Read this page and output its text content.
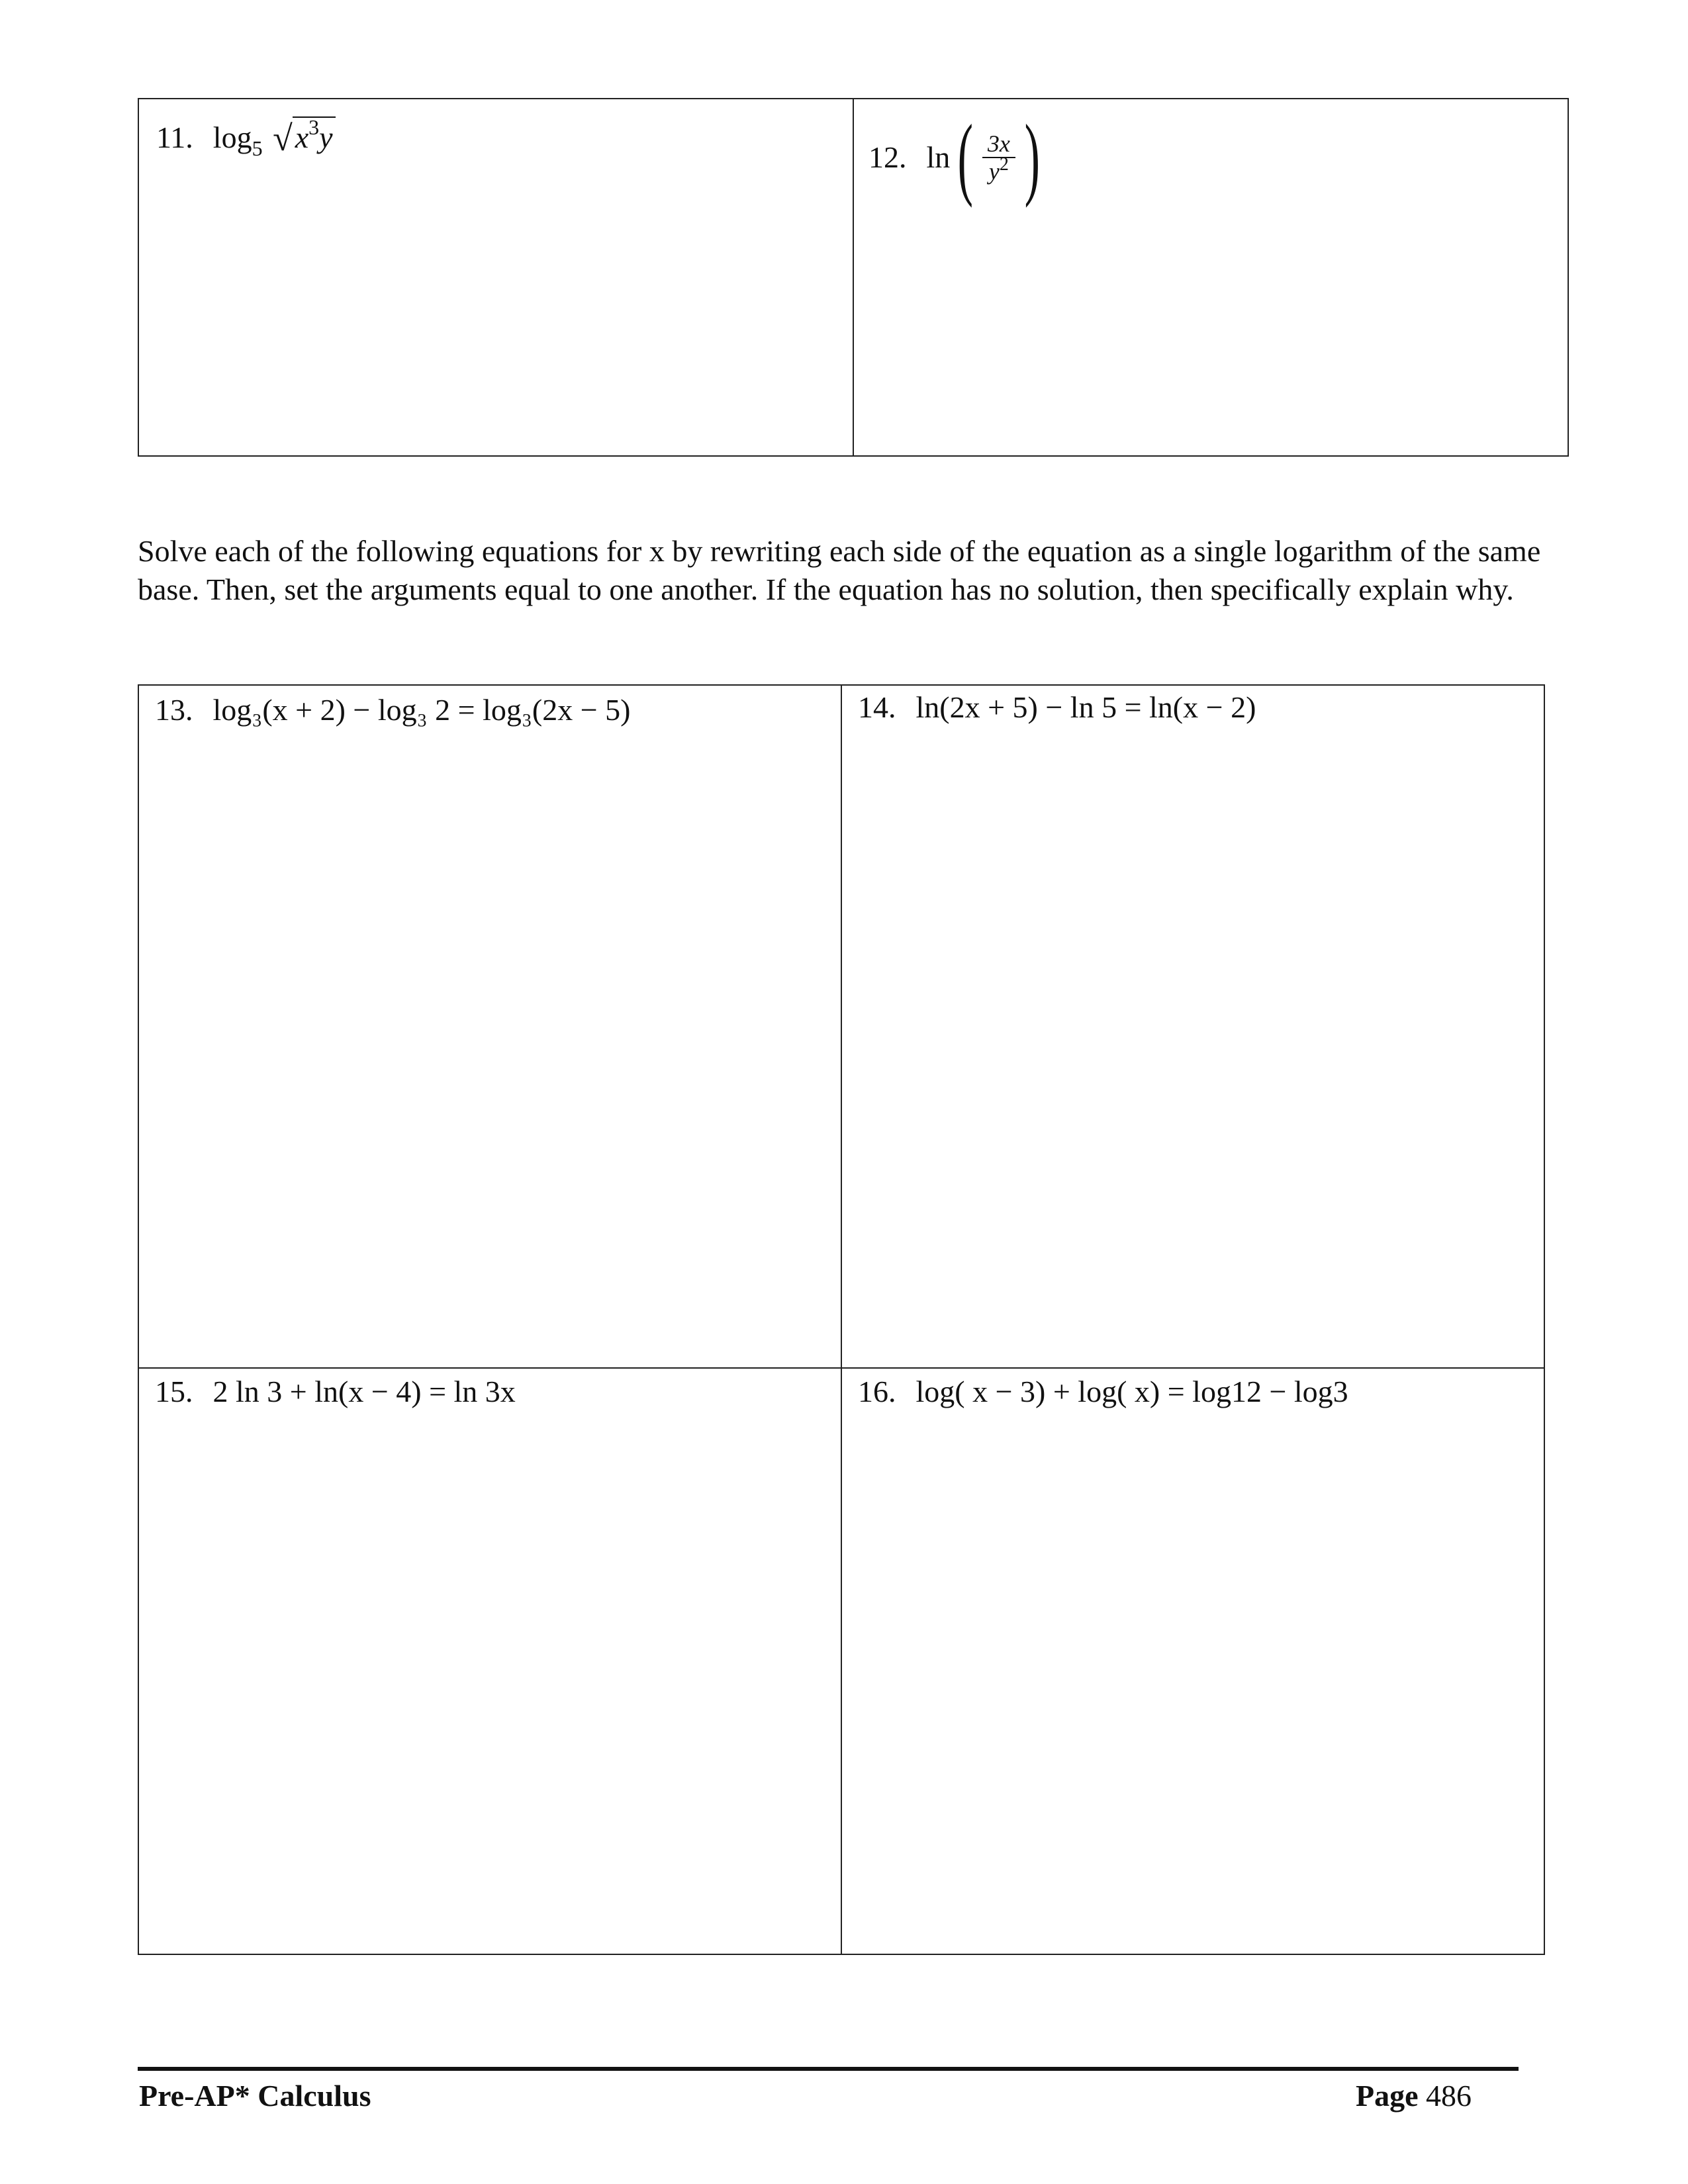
11. $\log_5 √x^3y$
12. ln ( $\frac{3x}{y^2}$ )
Solve each of the following equations for x by rewriting each side of the equation as a single logarithm of the same base. Then, set the arguments equal to one another. If the equation has no solution, then specifically explain why.
13. log₃(x + 2) − log₃ 2 = log₃(2x − 5)	14. ln(2x + 5) − ln 5 = ln(x − 2)
15. 2 ln 3 + ln(x − 4) = ln 3x	16. log( x − 3) + log( x) = log12 − log3
Pre-AP* Calculus	Page 486
